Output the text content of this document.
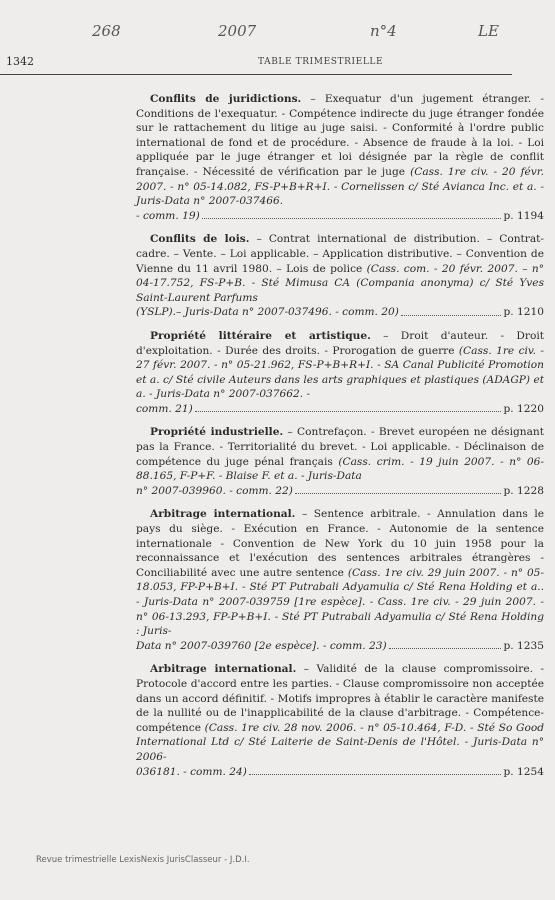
268	2007	n°4	LE
1342	TABLE TRIMESTRIELLE

Conflits de juridictions. – Exequatur d'un jugement étranger. - Conditions de l'exequatur. - Compétence indirecte du juge étranger fondée sur le rattachement du litige au juge saisi. - Conformité à l'ordre public international de fond et de procédure. - Absence de fraude à la loi. - Loi appliquée par le juge étranger et loi désignée par la règle de conflit française. - Nécessité de vérification par le juge (Cass. 1re civ. - 20 févr. 2007. - n° 05-14.082, FS-P+B+R+I. - Cornelissen c/ Sté Avianca Inc. et a. - Juris-Data n° 2007-037466.

- comm. 19)	p. 1194

Conflits de lois. – Contrat international de distribution. – Contrat-cadre. – Vente. – Loi applicable. – Application distributive. – Convention de Vienne du 11 avril 1980. – Lois de police (Cass. com. - 20 févr. 2007. – n° 04-17.752, FS-P+B. - Sté Mimusa CA (Compania anonyma) c/ Sté Yves Saint-Laurent Parfums

(YSLP).– Juris-Data n° 2007-037496. - comm. 20)	p. 1210

Propriété littéraire et artistique. – Droit d'auteur. - Droit d'exploitation. - Durée des droits. - Prorogation de guerre (Cass. 1re civ. - 27 févr. 2007. - n° 05-21.962, FS-P+B+R+I. - SA Canal Publicité Promotion et a. c/ Sté civile Auteurs dans les arts graphiques et plastiques (ADAGP) et a. - Juris-Data n° 2007-037662. -

comm. 21)	p. 1220

Propriété industrielle. – Contrefaçon. - Brevet européen ne désignant pas la France. - Territorialité du brevet. - Loi applicable. - Déclinaison de compétence du juge pénal français (Cass. crim. - 19 juin 2007. - n° 06-88.165, F-P+F. - Blaise F. et a. - Juris-Data

n° 2007-039960. - comm. 22)	p. 1228

Arbitrage international. – Sentence arbitrale. - Annulation dans le pays du siège. - Exécution en France. - Autonomie de la sentence internationale - Convention de New York du 10 juin 1958 pour la reconnaissance et l'exécution des sentences arbitrales étrangères - Conciliabilité avec une autre sentence (Cass. 1re civ. 29 juin 2007. - n° 05-18.053, FP-P+B+I. - Sté PT Putrabali Adyamulia c/ Sté Rena Holding et a.. - Juris-Data n° 2007-039759 [1re espèce]. - Cass. 1re civ. - 29 juin 2007. - n° 06-13.293, FP-P+B+I. - Sté PT Putrabali Adyamulia c/ Sté Rena Holding : Juris-

Data n° 2007-039760 [2e espèce]. - comm. 23)	p. 1235

Arbitrage international. – Validité de la clause compromissoire. - Protocole d'accord entre les parties. - Clause compromissoire non acceptée dans un accord définitif. - Motifs impropres à établir le caractère manifeste de la nullité ou de l'inapplicabilité de la clause d'arbitrage. - Compétence-compétence (Cass. 1re civ. 28 nov. 2006. - n° 05-10.464, F-D. - Sté So Good International Ltd c/ Sté Laiterie de Saint-Denis de l'Hôtel. - Juris-Data n° 2006-

036181. - comm. 24)	p. 1254
Revue trimestrielle LexisNexis JurisClasseur - J.D.I.
